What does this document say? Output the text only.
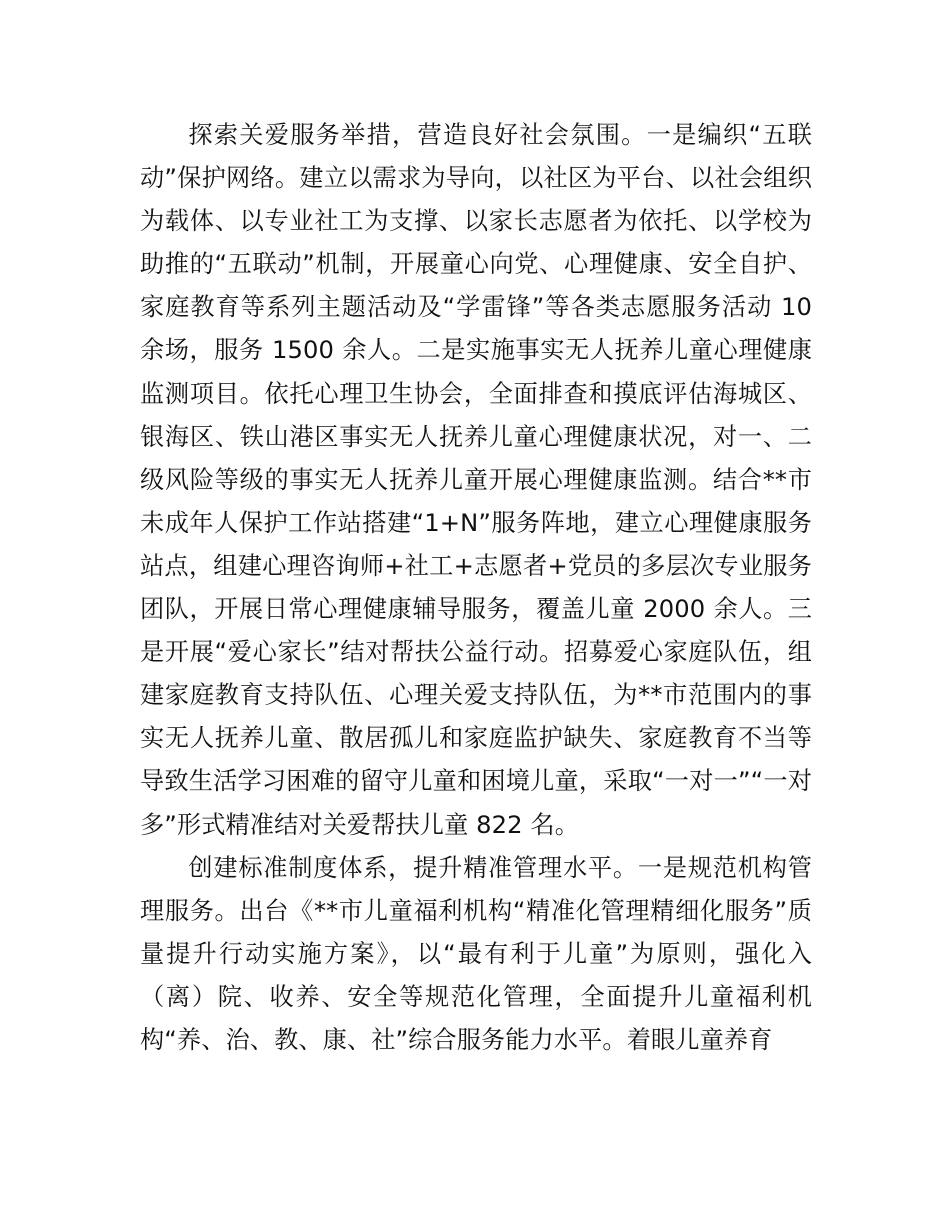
探索关爱服务举措，营造良好社会氛围。一是编织“五联动”保护网络。建立以需求为导向，以社区为平台、以社会组织为载体、以专业社工为支撑、以家长志愿者为依托、以学校为助推的“五联动”机制，开展童心向党、心理健康、安全自护、家庭教育等系列主题活动及“学雷锋”等各类志愿服务活动 10 余场，服务 1500 余人。二是实施事实无人抚养儿童心理健康监测项目。依托心理卫生协会，全面排查和摸底评估海城区、银海区、铁山港区事实无人抚养儿童心理健康状况，对一、二级风险等级的事实无人抚养儿童开展心理健康监测。结合**市未成年人保护工作站搭建“1+N”服务阵地，建立心理健康服务站点，组建心理咨询师+社工+志愿者+党员的多层次专业服务团队，开展日常心理健康辅导服务，覆盖儿童 2000 余人。三是开展“爱心家长”结对帮扶公益行动。招募爱心家庭队伍，组建家庭教育支持队伍、心理关爱支持队伍，为**市范围内的事实无人抚养儿童、散居孤儿和家庭监护缺失、家庭教育不当等导致生活学习困难的留守儿童和困境儿童，采取“一对一”“一对多”形式精准结对关爱帮扶儿童 822 名。

创建标准制度体系，提升精准管理水平。一是规范机构管理服务。出台《**市儿童福利机构“精准化管理精细化服务”质量提升行动实施方案》，以“最有利于儿童”为原则，强化入（离）院、收养、安全等规范化管理，全面提升儿童福利机构“养、治、教、康、社”综合服务能力水平。着眼儿童养育
